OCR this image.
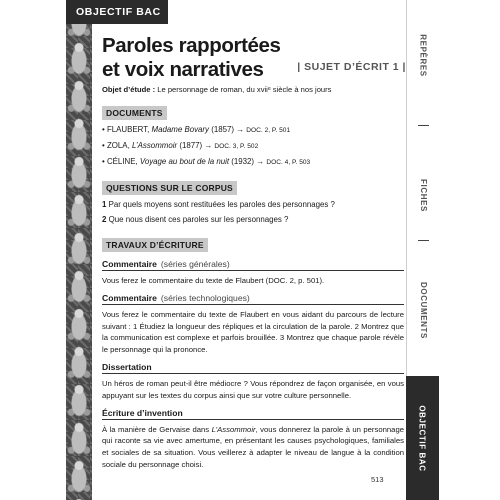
OBJECTIF BAC
Paroles rapportées
et voix narratives	| SUJET D’ÉCRIT 1 |
Objet d’étude : Le personnage de roman, du xviiᵉ siècle à nos jours
DOCUMENTS
• FLAUBERT, Madame Bovary (1857) → DOC. 2, P. 501
• ZOLA, L’Assommoir (1877) → DOC. 3, P. 502
• CÉLINE, Voyage au bout de la nuit (1932) → DOC. 4, P. 503
QUESTIONS SUR LE CORPUS
1 Par quels moyens sont restituées les paroles des personnages ?
2 Que nous disent ces paroles sur les personnages ?
TRAVAUX D’ÉCRITURE
Commentaire (séries générales)
Vous ferez le commentaire du texte de Flaubert (DOC. 2, p. 501).
Commentaire (séries technologiques)
Vous ferez le commentaire du texte de Flaubert en vous aidant du parcours de lecture suivant : 1 Étudiez la longueur des répliques et la circulation de la parole. 2 Montrez que la communication est complexe et parfois brouillée. 3 Montrez que chaque parole révèle le personnage qui la prononce.
Dissertation
Un héros de roman peut-il être médiocre ? Vous répondrez de façon organisée, en vous appuyant sur les textes du corpus ainsi que sur votre culture personnelle.
Écriture d’invention
À la manière de Gervaise dans L’Assommoir, vous donnerez la parole à un personnage qui raconte sa vie avec amertume, en présentant les causes psychologiques, familiales et sociales de sa situation. Vous veillerez à adapter le niveau de langue à la condition sociale du personnage choisi.
513
REPÈRES
FICHES
DOCUMENTS
OBJECTIF BAC
